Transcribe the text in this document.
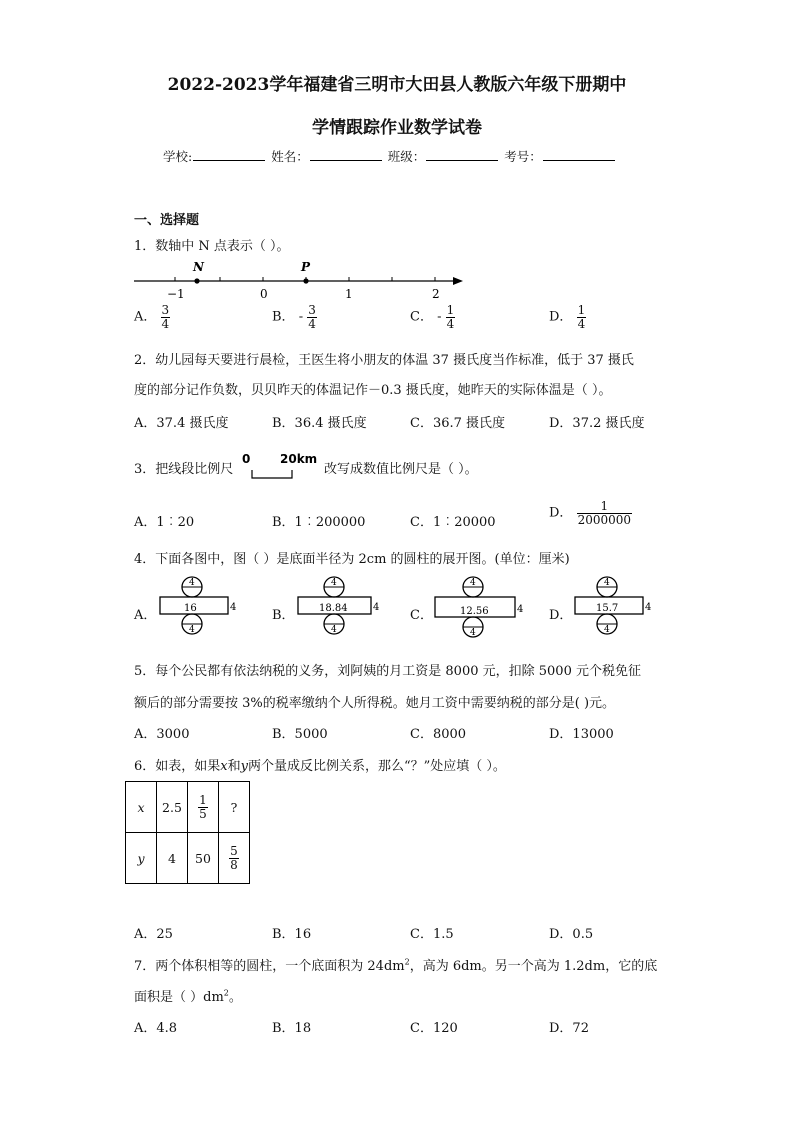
2022-2023学年福建省三明市大田县人教版六年级下册期中
学情跟踪作业数学试卷
学校:	姓名：	班级：	考号：
一、选择题
1．数轴中 N 点表示（ ）。
N	P
−1	0	1	2
A． $\frac{3}{4}$	B． - $\frac{3}{4}$	C． - $\frac{1}{4}$	D． $\frac{1}{4}$
2．幼儿园每天要进行晨检，王医生将小朋友的体温 37 摄氏度当作标准，低于 37 摄氏
度的部分记作负数，贝贝昨天的体温记作－0.3 摄氏度，她昨天的实际体温是（ ）。
A．37.4 摄氏度	B．36.4 摄氏度	C．36.7 摄氏度	D．37.2 摄氏度
3．把线段比例尺
0 20km
改写成数值比例尺是（ ）。
A．1︰20	B．1︰200000	C．1︰20000
D． $\frac{1}{2000000}$
4．下面各图中，图（ ）是底面半径为 2cm 的圆柱的展开图。(单位：厘米)
A．
4
16	4
4
B．
4
18.84	4
4
C．
4
12.56	4
4
D．
4
15.7	4
4
5．每个公民都有依法纳税的义务，刘阿姨的月工资是 8000 元，扣除 5000 元个税免征
额后的部分需要按 3%的税率缴纳个人所得税。她月工资中需要纳税的部分是( )元。
A．3000	B．5000	C．8000	D．13000
6．如表，如果x和y两个量成反比例关系，那么“？”处应填（ ）。
x	2.5	$\frac{1}{5}$	?
y	4	50	$\frac{5}{8}$
A．25	B．16	C．1.5	D．0.5
7．两个体积相等的圆柱，一个底面积为 $24dm^2$，高为 6dm。另一个高为 1.2dm，它的底
面积是（ ）$dm^2$。
A．4.8	B．18	C．120	D．72
